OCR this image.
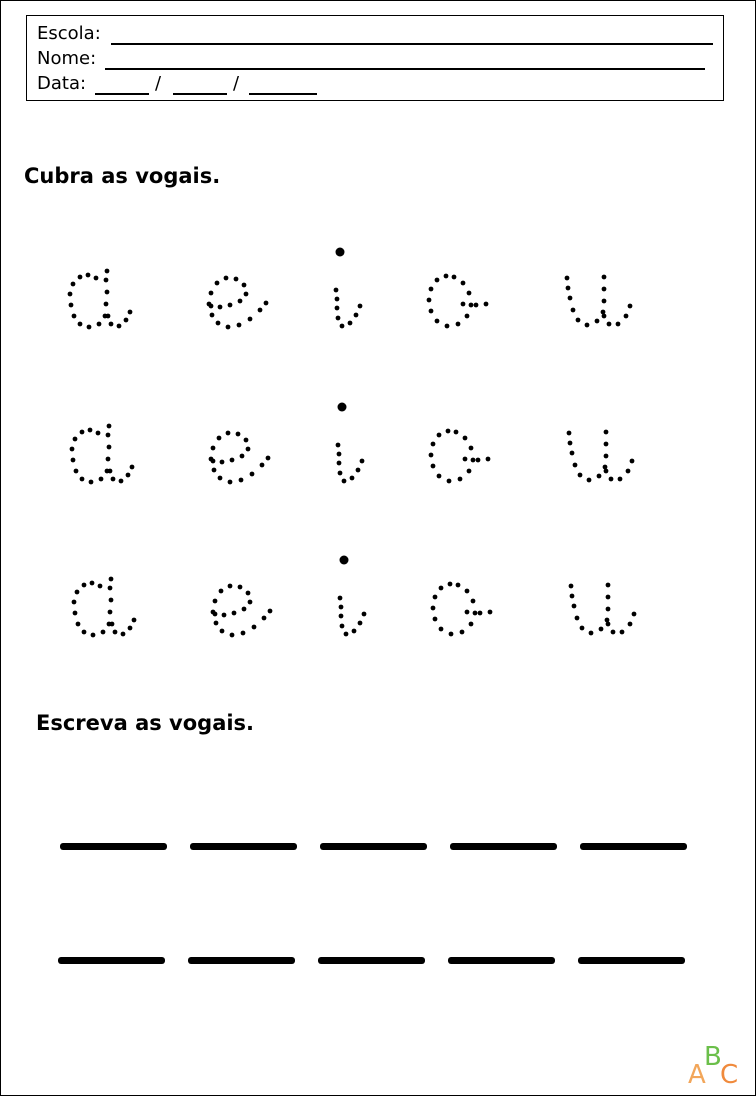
Escola:
Nome:
Data:	/	/
Cubra as vogais.
Escreva as vogais.
A
B
C
